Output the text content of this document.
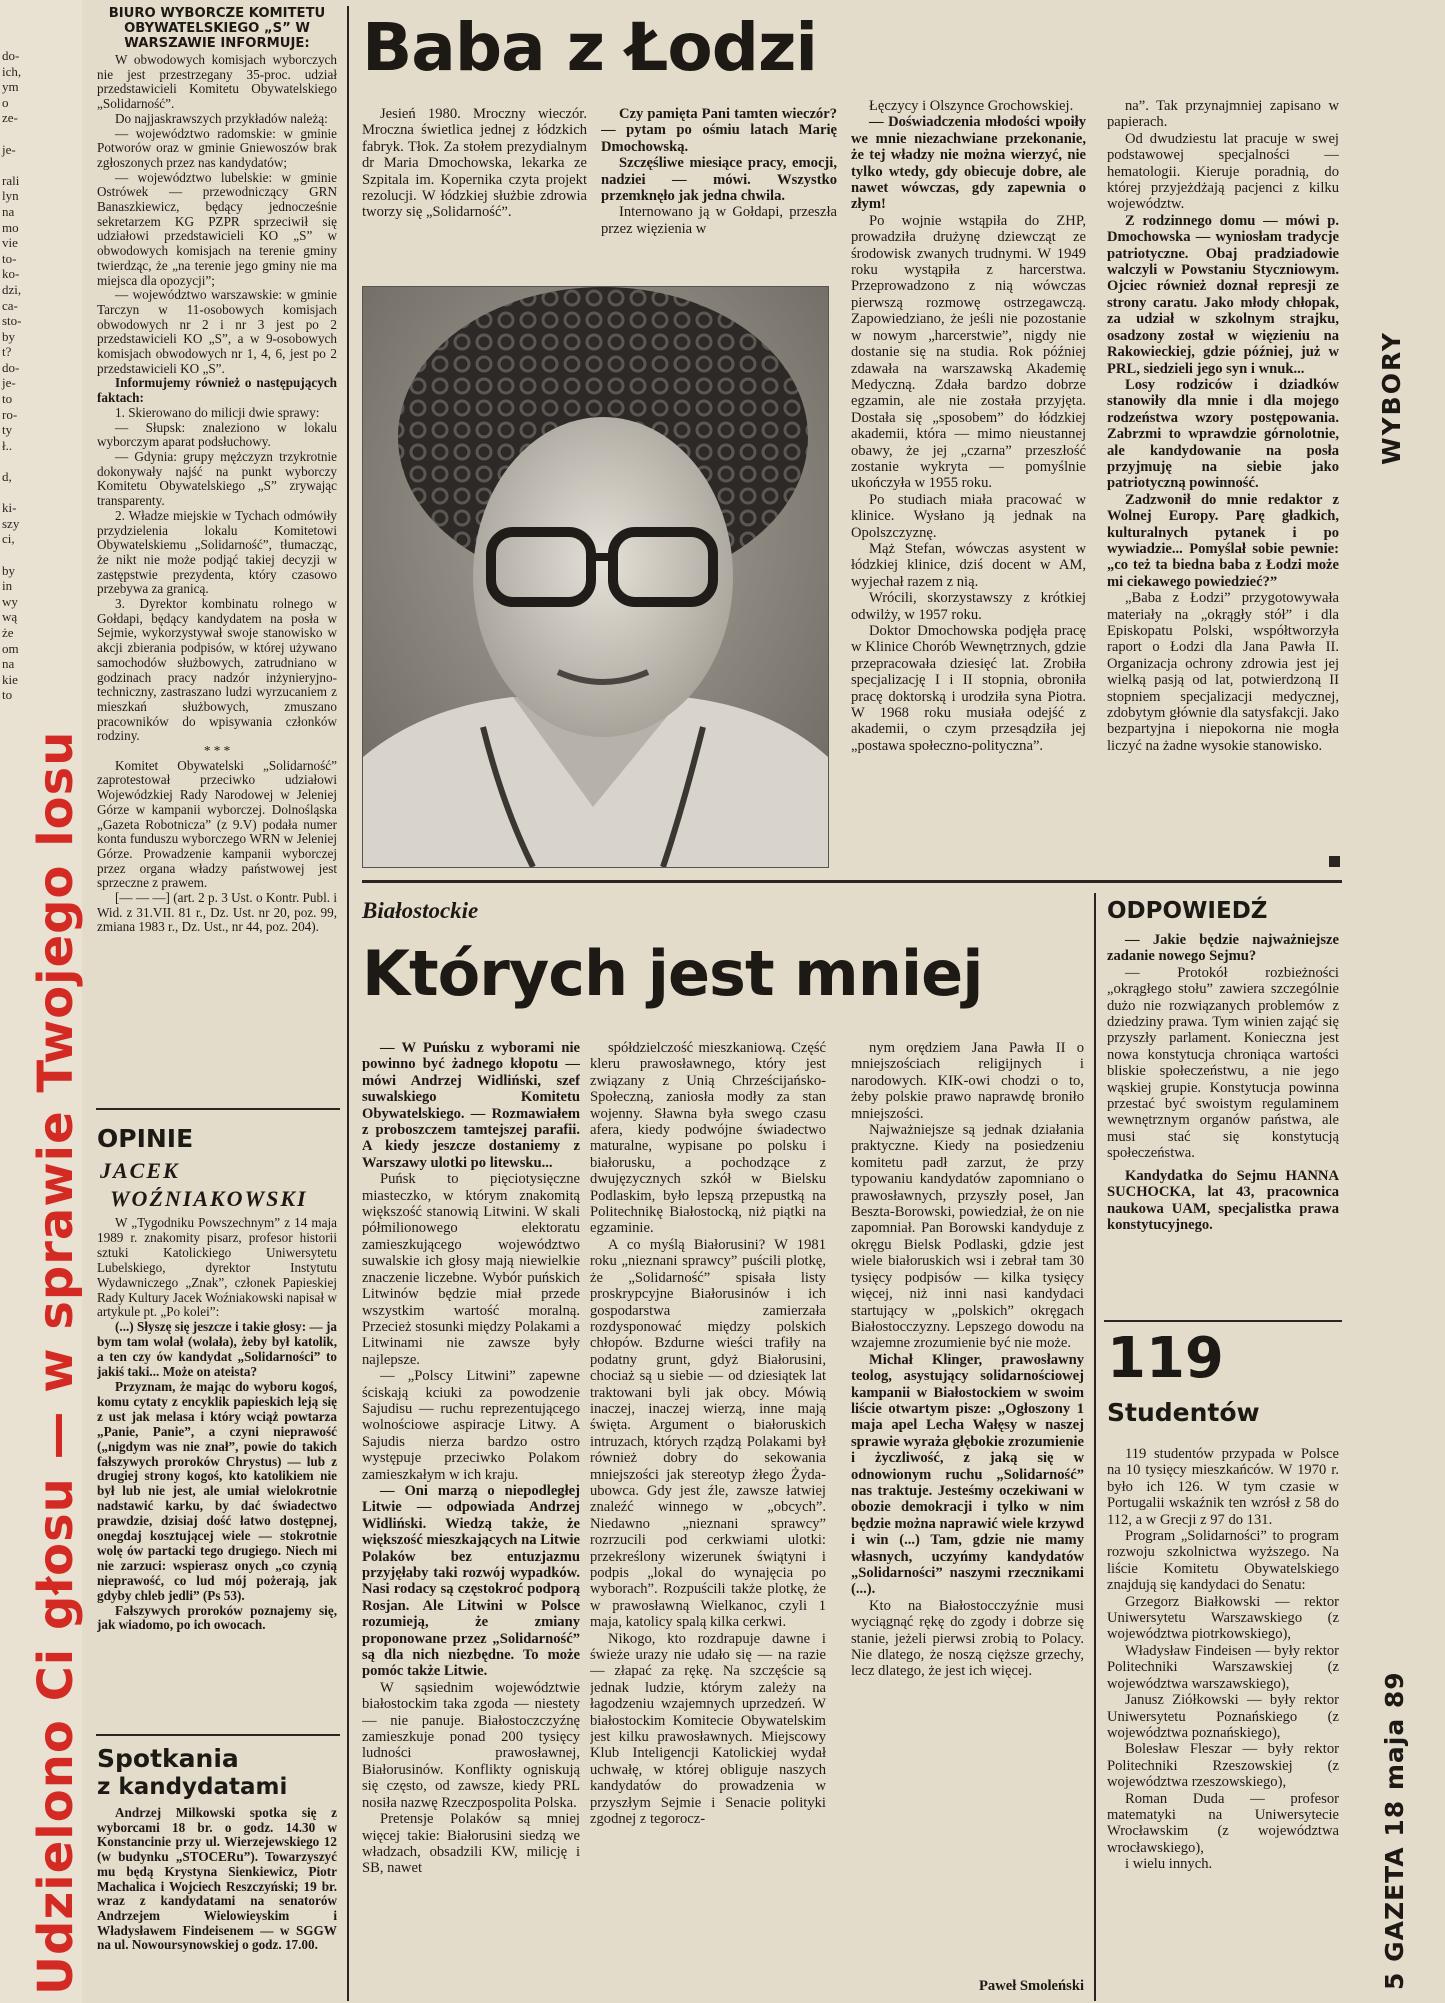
do-
ich,
ym
o
ze-

je-

rali
lyn
na
mo
vie
to-
ko-
dzi,
ca-
sto-
by
t?
do-
je-
to
ro-
ty
ł..

d,

ki-
szy
ci,

by
in
wy
wą
że
om
na
kie
to
Udzielono Ci głosu — w sprawie Twojego losu
BIURO WYBORCZE KOMITETU OBYWATELSKIEGO „S” W WARSZAWIE INFORMUJE:

W obwodowych komisjach wyborczych nie jest przestrzegany 35-proc. udział przedstawicieli Komitetu Obywatelskiego „Solidarność”.

Do najjaskrawszych przykładów należą:

— województwo radomskie: w gminie Potworów oraz w gminie Gniewoszów brak zgłoszonych przez nas kandydatów;

— województwo lubelskie: w gminie Ostrówek — przewodniczący GRN Banaszkiewicz, będący jednocześnie sekretarzem KG PZPR sprzeciwił się udziałowi przedstawicieli KO „S” w obwodowych komisjach na terenie gminy twierdząc, że „na terenie jego gminy nie ma miejsca dla opozycji”;

— województwo warszawskie: w gminie Tarczyn w 11-osobowych komisjach obwodowych nr 2 i nr 3 jest po 2 przedstawicieli KO „S”, a w 9-osobowych komisjach obwodowych nr 1, 4, 6, jest po 2 przedstawicieli KO „S”.

Informujemy również o następujących faktach:

1. Skierowano do milicji dwie sprawy:

— Słupsk: znaleziono w lokalu wyborczym aparat podsłuchowy.

— Gdynia: grupy mężczyzn trzykrotnie dokonywały najść na punkt wyborczy Komitetu Obywatelskiego „S” zrywając transparenty.

2. Władze miejskie w Tychach odmówiły przydzielenia lokalu Komitetowi Obywatelskiemu „Solidarność”, tłumacząc, że nikt nie może podjąć takiej decyzji w zastępstwie prezydenta, który czasowo przebywa za granicą.

3. Dyrektor kombinatu rolnego w Gołdapi, będący kandydatem na posła w Sejmie, wykorzystywał swoje stanowisko w akcji zbierania podpisów, w której używano samochodów służbowych, zatrudniano w godzinach pracy nadzór inżynieryjno-techniczny, zastraszano ludzi wyrzucaniem z mieszkań służbowych, zmuszano pracowników do wpisywania członków rodziny.

* * *

Komitet Obywatelski „Solidarność” zaprotestował przeciwko udziałowi Wojewódzkiej Rady Narodowej w Jeleniej Górze w kampanii wyborczej. Dolnośląska „Gazeta Robotnicza” (z 9.V) podała numer konta funduszu wyborczego WRN w Jeleniej Górze. Prowadzenie kampanii wyborczej przez organa władzy państwowej jest sprzeczne z prawem.

[— — —] (art. 2 p. 3 Ust. o Kontr. Publ. i Wid. z 31.VII. 81 r., Dz. Ust. nr 20, poz. 99, zmiana 1983 r., Dz. Ust., nr 44, poz. 204).

OPINIE
JACEK
WOŹNIAKOWSKI

W „Tygodniku Powszechnym” z 14 maja 1989 r. znakomity pisarz, profesor historii sztuki Katolickiego Uniwersytetu Lubelskiego, dyrektor Instytutu Wydawniczego „Znak”, członek Papieskiej Rady Kultury Jacek Woźniakowski napisał w artykule pt. „Po kolei”:

(...) Słyszę się jeszcze i takie głosy: — ja bym tam wolał (wolała), żeby był katolik, a ten czy ów kandydat „Solidarności” to jakiś taki... Może on ateista?

Przyznam, że mając do wyboru kogoś, komu cytaty z encyklik papieskich leją się z ust jak melasa i który wciąż powtarza „Panie, Panie”, a czyni nieprawość („nigdym was nie znał”, powie do takich fałszywych proroków Chrystus) — lub z drugiej strony kogoś, kto katolikiem nie był lub nie jest, ale umiał wielokrotnie nadstawić karku, by dać świadectwo prawdzie, dzisiaj dość łatwo dostępnej, onegdaj kosztującej wiele — stokrotnie wolę ów partacki tego drugiego. Niech mi nie zarzuci: wspierasz onych „co czynią nieprawość, co lud mój pożerają, jak gdyby chleb jedli” (Ps 53).

Fałszywych proroków poznajemy się, jak wiadomo, po ich owocach.

Spotkania
z kandydatami

Andrzej Milkowski spotka się z wyborcami 18 br. o godz. 14.30 w Konstancinie przy ul. Wierzejewskiego 12 (w budynku „STOCERu”). Towarzyszyć mu będą Krystyna Sienkiewicz, Piotr Machalica i Wojciech Reszczyński; 19 br. wraz z kandydatami na senatorów Andrzejem Wielowieyskim i Władysławem Findeisenem — w SGGW na ul. Nowoursynowskiej o godz. 17.00.

Baba z Łodzi

Jesień 1980. Mroczny wieczór. Mroczna świetlica jednej z łódzkich fabryk. Tłok. Za stołem prezydialnym dr Maria Dmochowska, lekarka ze Szpitala im. Kopernika czyta projekt rezolucji. W łódzkiej służbie zdrowia tworzy się „Solidarność”.

Czy pamięta Pani tamten wieczór? — pytam po ośmiu latach Marię Dmochowską.

Szczęśliwe miesiące pracy, emocji, nadziei — mówi. Wszystko przemknęło jak jedna chwila.

Internowano ją w Gołdapi, przeszła przez więzienia w

Łęczycy i Olszynce Grochowskiej.

— Doświadczenia młodości wpoiły we mnie niezachwiane przekonanie, że tej władzy nie można wierzyć, nie tylko wtedy, gdy obiecuje dobre, ale nawet wówczas, gdy zapewnia o złym!

Po wojnie wstąpiła do ZHP, prowadziła drużynę dziewcząt ze środowisk zwanych trudnymi. W 1949 roku wystąpiła z harcerstwa. Przeprowadzono z nią wówczas pierwszą rozmowę ostrzegawczą. Zapowiedziano, że jeśli nie pozostanie w nowym „harcerstwie”, nigdy nie dostanie się na studia. Rok później zdawała na warszawską Akademię Medyczną. Zdała bardzo dobrze egzamin, ale nie została przyjęta. Dostała się „sposobem” do łódzkiej akademii, która — mimo nieustannej obawy, że jej „czarna” przeszłość zostanie wykryta — pomyślnie ukończyła w 1955 roku.

Po studiach miała pracować w klinice. Wysłano ją jednak na Opolszczyznę.

Mąż Stefan, wówczas asystent w łódzkiej klinice, dziś docent w AM, wyjechał razem z nią.

Wrócili, skorzystawszy z krótkiej odwilży, w 1957 roku.

Doktor Dmochowska podjęła pracę w Klinice Chorób Wewnętrznych, gdzie przepracowała dziesięć lat. Zrobiła specjalizację I i II stopnia, obroniła pracę doktorską i urodziła syna Piotra. W 1968 roku musiała odejść z akademii, o czym przesądziła jej „postawa społeczno-polityczna”.

na”. Tak przynajmniej zapisano w papierach.

Od dwudziestu lat pracuje w swej podstawowej specjalności — hematologii. Kieruje poradnią, do której przyjeżdżają pacjenci z kilku województw.

Z rodzinnego domu — mówi p. Dmochowska — wyniosłam tradycje patriotyczne. Obaj pradziadowie walczyli w Powstaniu Styczniowym. Ojciec również doznał represji ze strony caratu. Jako młody chłopak, za udział w szkolnym strajku, osadzony został w więzieniu na Rakowieckiej, gdzie później, już w PRL, siedzieli jego syn i wnuk...

Losy rodziców i dziadków stanowiły dla mnie i dla mojego rodzeństwa wzory postępowania. Zabrzmi to wprawdzie górnolotnie, ale kandydowanie na posła przyjmuję na siebie jako patriotyczną powinność.

Zadzwonił do mnie redaktor z Wolnej Europy. Parę gładkich, kulturalnych pytanek i po wywiadzie... Pomyślał sobie pewnie: „co też ta biedna baba z Łodzi może mi ciekawego powiedzieć?”

„Baba z Łodzi” przygotowywała materiały na „okrągły stół” i dla Episkopatu Polski, współtworzyła raport o Łodzi dla Jana Pawła II. Organizacja ochrony zdrowia jest jej wielką pasją od lat, potwierdzoną II stopniem specjalizacji medycznej, zdobytym głównie dla satysfakcji. Jako bezpartyjna i niepokorna nie mogła liczyć na żadne wysokie stanowisko.

WYBORY
Białostockie
Których jest mniej

— W Puńsku z wyborami nie powinno być żadnego kłopotu — mówi Andrzej Widliński, szef suwalskiego Komitetu Obywatelskiego. — Rozmawiałem z proboszczem tamtejszej parafii. A kiedy jeszcze dostaniemy z Warszawy ulotki po litewsku...

Puńsk to pięciotysięczne miasteczko, w którym znakomitą większość stanowią Litwini. W skali półmilionowego elektoratu zamieszkującego województwo suwalskie ich głosy mają niewielkie znaczenie liczebne. Wybór puńskich Litwinów będzie miał przede wszystkim wartość moralną. Przecież stosunki między Polakami a Litwinami nie zawsze były najlepsze.

— „Polscy Litwini” zapewne ściskają kciuki za powodzenie Sajudisu — ruchu reprezentującego wolnościowe aspiracje Litwy. A Sajudis nierza bardzo ostro występuje przeciwko Polakom zamieszkałym w ich kraju.

— Oni marzą o niepodległej Litwie — odpowiada Andrzej Widliński. Wiedzą także, że większość mieszkających na Litwie Polaków bez entuzjazmu przyjęłaby taki rozwój wypadków. Nasi rodacy są częstokroć podporą Rosjan. Ale Litwini w Polsce rozumieją, że zmiany proponowane przez „Solidarność” są dla nich niezbędne. To może pomóc także Litwie.

W sąsiednim województwie białostockim taka zgoda — niestety — nie panuje. Białostoczczyźnę zamieszkuje ponad 200 tysięcy ludności prawosławnej, Białorusinów. Konflikty ogniskują się często, od zawsze, kiedy PRL nosiła nazwę Rzeczpospolita Polska.

Pretensje Polaków są mniej więcej takie: Białorusini siedzą we władzach, obsadzili KW, milicję i SB, nawet

spółdzielczość mieszkaniową. Część kleru prawosławnego, który jest związany z Unią Chrześcijańsko-Społeczną, zaniosła modły za stan wojenny. Sławna była swego czasu afera, kiedy podwójne świadectwo maturalne, wypisane po polsku i białorusku, a pochodzące z dwujęzycznych szkół w Bielsku Podlaskim, było lepszą przepustką na Politechnikę Białostocką, niż piątki na egzaminie.

A co myślą Białorusini? W 1981 roku „nieznani sprawcy” puścili plotkę, że „Solidarność” spisała listy proskrypcyjne Białorusinów i ich gospodarstwa zamierzała rozdysponować między polskich chłopów. Bzdurne wieści trafiły na podatny grunt, gdyż Białorusini, chociaż są u siebie — od dziesiątek lat traktowani byli jak obcy. Mówią inaczej, inaczej wierzą, inne mają święta. Argument o białoruskich intruzach, których rządzą Polakami był również dobry do sekowania mniejszości jak stereotyp żłego Żyda-ubowca. Gdy jest źle, zawsze łatwiej znaleźć winnego w „obcych”. Niedawno „nieznani sprawcy” rozrzucili pod cerkwiami ulotki: przekreślony wizerunek świątyni i podpis „lokal do wynajęcia po wyborach”. Rozpuścili także plotkę, że w prawosławną Wielkanoc, czyli 1 maja, katolicy spalą kilka cerkwi.

Nikogo, kto rozdrapuje dawne i świeże urazy nie udało się — na razie — złapać za rękę. Na szczęście są jednak ludzie, którym zależy na łagodzeniu wzajemnych uprzedzeń. W białostockim Komitecie Obywatelskim jest kilku prawosławnych. Miejscowy Klub Inteligencji Katolickiej wydał uchwałę, w której obliguje naszych kandydatów do prowadzenia w przyszłym Sejmie i Senacie polityki zgodnej z tegorocz-

nym orędziem Jana Pawła II o mniejszościach religijnych i narodowych. KIK-owi chodzi o to, żeby polskie prawo naprawdę broniło mniejszości.

Najważniejsze są jednak działania praktyczne. Kiedy na posiedzeniu komitetu padł zarzut, że przy typowaniu kandydatów zapomniano o prawosławnych, przyszły poseł, Jan Beszta-Borowski, powiedział, że on nie zapomniał. Pan Borowski kandyduje z okręgu Bielsk Podlaski, gdzie jest wiele białoruskich wsi i zebrał tam 30 tysięcy podpisów — kilka tysięcy więcej, niż inni nasi kandydaci startujący w „polskich” okręgach Białostocczyzny. Lepszego dowodu na wzajemne zrozumienie być nie może.

Michał Klinger, prawosławny teolog, asystujący solidarnościowej kampanii w Białostockiem w swoim liście otwartym pisze: „Ogłoszony 1 maja apel Lecha Wałęsy w naszej sprawie wyraża głębokie zrozumienie i życzliwość, z jaką się w odnowionym ruchu „Solidarność” nas traktuje. Jesteśmy oczekiwani w obozie demokracji i tylko w nim będzie można naprawić wiele krzywd i win (...) Tam, gdzie nie mamy własnych, uczyńmy kandydatów „Solidarności” naszymi rzecznikami (...).

Kto na Białostocczyźnie musi wyciągnąć rękę do zgody i dobrze się stanie, jeżeli pierwsi zrobią to Polacy. Nie dlatego, że noszą cięższe grzechy, lecz dlatego, że jest ich więcej.

Paweł Smoleński
ODPOWIEDŹ

— Jakie będzie najważniejsze zadanie nowego Sejmu?

— Protokół rozbieżności „okrągłego stołu” zawiera szczególnie dużo nie rozwiązanych problemów z dziedziny prawa. Tym winien zająć się przyszły parlament. Konieczna jest nowa konstytucja chroniąca wartości bliskie społeczeństwu, a nie jego wąskiej grupie. Konstytucja powinna przestać być swoistym regulaminem wewnętrznym organów państwa, ale musi stać się konstytucją społeczeństwa.

Kandydatka do Sejmu HANNA SUCHOCKA, lat 43, pracownica naukowa UAM, specjalistka prawa konstytucyjnego.

119
Studentów

119 studentów przypada w Polsce na 10 tysięcy mieszkańców. W 1970 r. było ich 126. W tym czasie w Portugalii wskaźnik ten wzrósł z 58 do 112, a w Grecji z 97 do 131.

Program „Solidarności” to program rozwoju szkolnictwa wyższego. Na liście Komitetu Obywatelskiego znajdują się kandydaci do Senatu:

Grzegorz Białkowski — rektor Uniwersytetu Warszawskiego (z województwa piotrkowskiego),

Władysław Findeisen — były rektor Politechniki Warszawskiej (z województwa warszawskiego),

Janusz Ziółkowski — były rektor Uniwersytetu Poznańskiego (z województwa poznańskiego),

Bolesław Fleszar — były rektor Politechniki Rzeszowskiej (z województwa rzeszowskiego),

Roman Duda — profesor matematyki na Uniwersytecie Wrocławskim (z województwa wrocławskiego),

i wielu innych.	5 GAZETA 18 maja 89
